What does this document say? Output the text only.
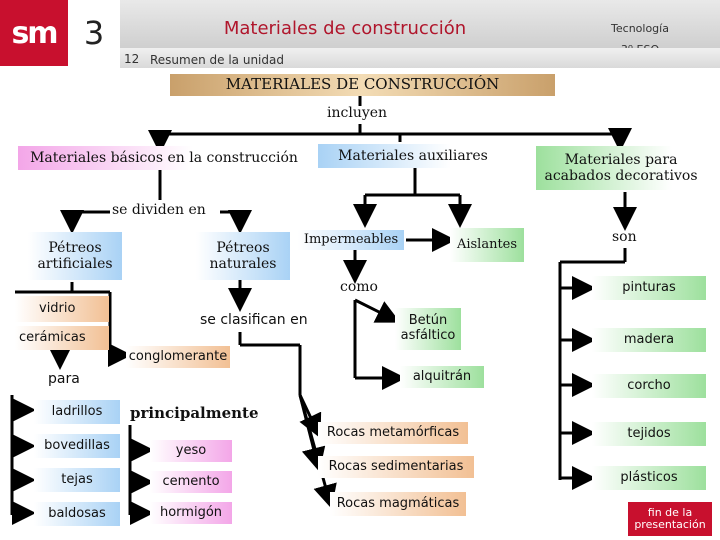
sm 3	Materiales de construcción	Tecnología
12 Resumen de la unidad
MATERIALES DE CONSTRUCCIÓN
incluyen
Materiales básicos en la construcción	Materiales auxiliares	Materiales para acabados decorativos
se dividen en
Pétreos artificiales
Pétreos naturales
Impermeables	Aislantes
como
Betún asfáltico
alquitrán
vidrio
cerámicas
conglomerante
para
ladrillos
bovedillas
tejas
baldosas
principalmente
yeso
cemento
hormigón
se clasifican en
Rocas metamórficas
Rocas sedimentarias
Rocas magmáticas
son
pinturas
madera
corcho
tejidos
plásticos
fin de la
presentación
